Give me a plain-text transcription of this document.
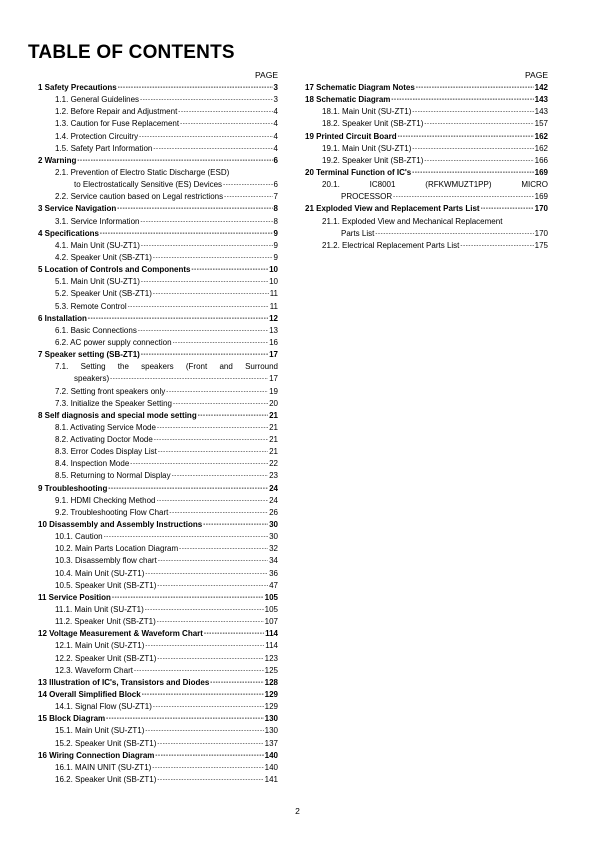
TABLE OF CONTENTS
PAGE
1 Safety Precautions - - -	3
1.1. General Guidelines - - -	3
1.2. Before Repair and Adjustment - - -	4
1.3. Caution for Fuse Replacement - - -	4
1.4. Protection Circuitry - - -	4
1.5. Safety Part Information - - -	4
2 Warning - - -	6
2.1. Prevention of Electro Static Discharge (ESD)
to Electrostatically Sensitive (ES) Devices - - -	6
2.2. Service caution based on Legal restrictions - - -	7
3 Service Navigation - - -	8
3.1. Service Information - - -	8
4 Specifications - - -	9
4.1. Main Unit (SU-ZT1) - - -	9
4.2. Speaker Unit (SB-ZT1) - - -	9
5 Location of Controls and Components - - -	10
5.1. Main Unit (SU-ZT1) - - -	10
5.2. Speaker Unit (SB-ZT1) - - -	11
5.3. Remote Control - - -	11
6 Installation - - -	12
6.1. Basic Connections - - -	13
6.2. AC power supply connection - - -	16
7 Speaker setting (SB-ZT1) - - -	17
7.1. Setting the speakers (Front and Surround
speakers) - - -	17
7.2. Setting front speakers only - - -	19
7.3. Initialize the Speaker Setting - - -	20
8 Self diagnosis and special mode setting - - -	21
8.1. Activating Service Mode - - -	21
8.2. Activating Doctor Mode - - -	21
8.3. Error Codes Display List - - -	21
8.4. Inspection Mode - - -	22
8.5. Returning to Normal Display - - -	23
9 Troubleshooting - - -	24
9.1. HDMI Checking Method - - -	24
9.2. Troubleshooting Flow Chart - - -	26
10 Disassembly and Assembly Instructions - - -	30
10.1. Caution - - -	30
10.2. Main Parts Location Diagram - - -	32
10.3. Disassembly flow chart - - -	34
10.4. Main Unit (SU-ZT1) - - -	36
10.5. Speaker Unit (SB-ZT1) - - -	47
11 Service Position - - -	105
11.1. Main Unit (SU-ZT1) - - -	105
11.2. Speaker Unit (SB-ZT1) - - -	107
12 Voltage Measurement & Waveform Chart - - -	114
12.1. Main Unit (SU-ZT1) - - -	114
12.2. Speaker Unit (SB-ZT1) - - -	123
12.3. Waveform Chart - - -	125
13 Illustration of IC's, Transistors and Diodes - - -	128
14 Overall Simplified Block - - -	129
14.1. Signal Flow (SU-ZT1) - - -	129
15 Block Diagram - - -	130
15.1. Main Unit (SU-ZT1) - - -	130
15.2. Speaker Unit (SB-ZT1) - - -	137
16 Wiring Connection Diagram - - -	140
16.1. MAIN UNIT (SU-ZT1) - - -	140
16.2. Speaker Unit (SB-ZT1) - - -	141
PAGE
17 Schematic Diagram Notes - - -	142
18 Schematic Diagram - - -	143
18.1. Main Unit (SU-ZT1) - - -	143
18.2. Speaker Unit (SB-ZT1) - - -	157
19 Printed Circuit Board - - -	162
19.1. Main Unit (SU-ZT1) - - -	162
19.2. Speaker Unit (SB-ZT1) - - -	166
20 Terminal Function of IC's - - -	169
20.1. IC8001 (RFKWMUZT1PP) MICRO
PROCESSOR - - -	169
21 Exploded View and Replacement Parts List - - -	170
21.1. Exploded View and Mechanical Replacement
Parts List - - -	170
21.2. Electrical Replacement Parts List - - -	175
2
